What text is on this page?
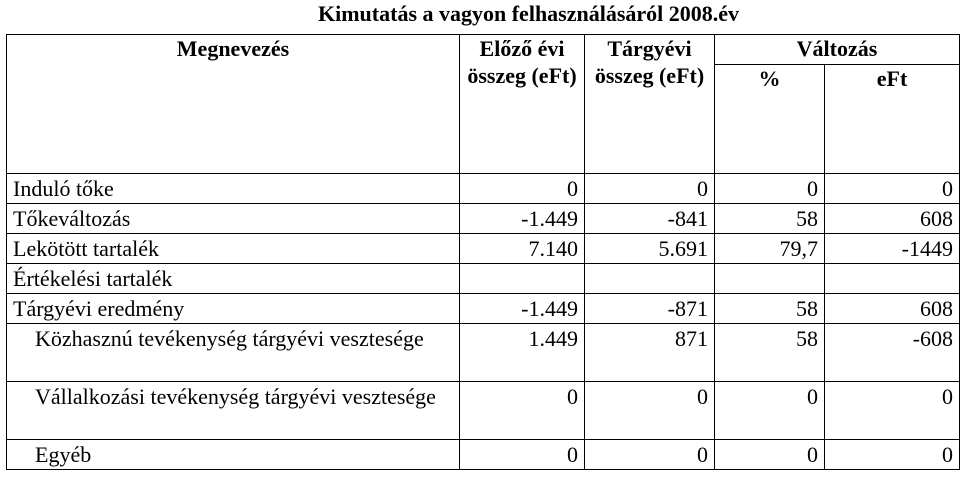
Kimutatás a vagyon felhasználásáról 2008.év
Megnevezés	Előző évi összeg (eFt)	Tárgyévi összeg (eFt)	Változás	
			%	eFt
Induló tőke	0	0	0	0
Tőkeváltozás	-1.449	-841	58	608
Lekötött tartalék	7.140	5.691	79,7	-1449
Értékelési tartalék				
Tárgyévi eredmény	-1.449	-871	58	608
Közhasznú tevékenység tárgyévi vesztesége	1.449	871	58	-608
Vállalkozási tevékenység tárgyévi vesztesége	0	0	0	0
Egyéb	0	0	0	0
